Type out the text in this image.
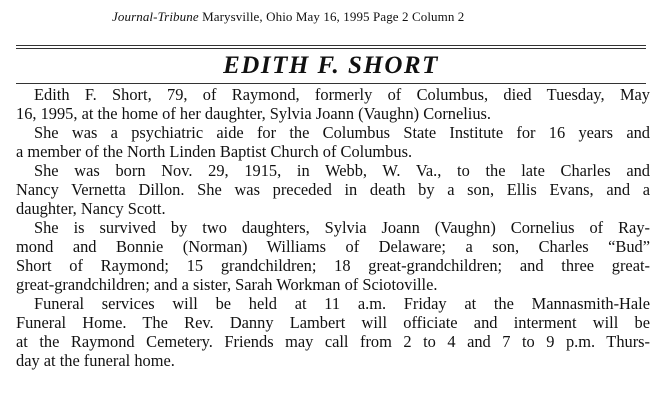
Journal-Tribune Marysville, Ohio May 16, 1995 Page 2 Column 2
EDITH F. SHORT
Edith F. Short, 79, of Raymond, formerly of Columbus, died Tuesday, May
16, 1995, at the home of her daughter, Sylvia Joann (Vaughn) Cornelius.
She was a psychiatric aide for the Columbus State Institute for 16 years and
a member of the North Linden Baptist Church of Columbus.
She was born Nov. 29, 1915, in Webb, W. Va., to the late Charles and
Nancy Vernetta Dillon. She was preceded in death by a son, Ellis Evans, and a
daughter, Nancy Scott.
She is survived by two daughters, Sylvia Joann (Vaughn) Cornelius of Ray-
mond and Bonnie (Norman) Williams of Delaware; a son, Charles “Bud”
Short of Raymond; 15 grandchildren; 18 great-grandchildren; and three great-
great-grandchildren; and a sister, Sarah Workman of Sciotoville.
Funeral services will be held at 11 a.m. Friday at the Mannasmith-Hale
Funeral Home. The Rev. Danny Lambert will officiate and interment will be
at the Raymond Cemetery. Friends may call from 2 to 4 and 7 to 9 p.m. Thurs-
day at the funeral home.
